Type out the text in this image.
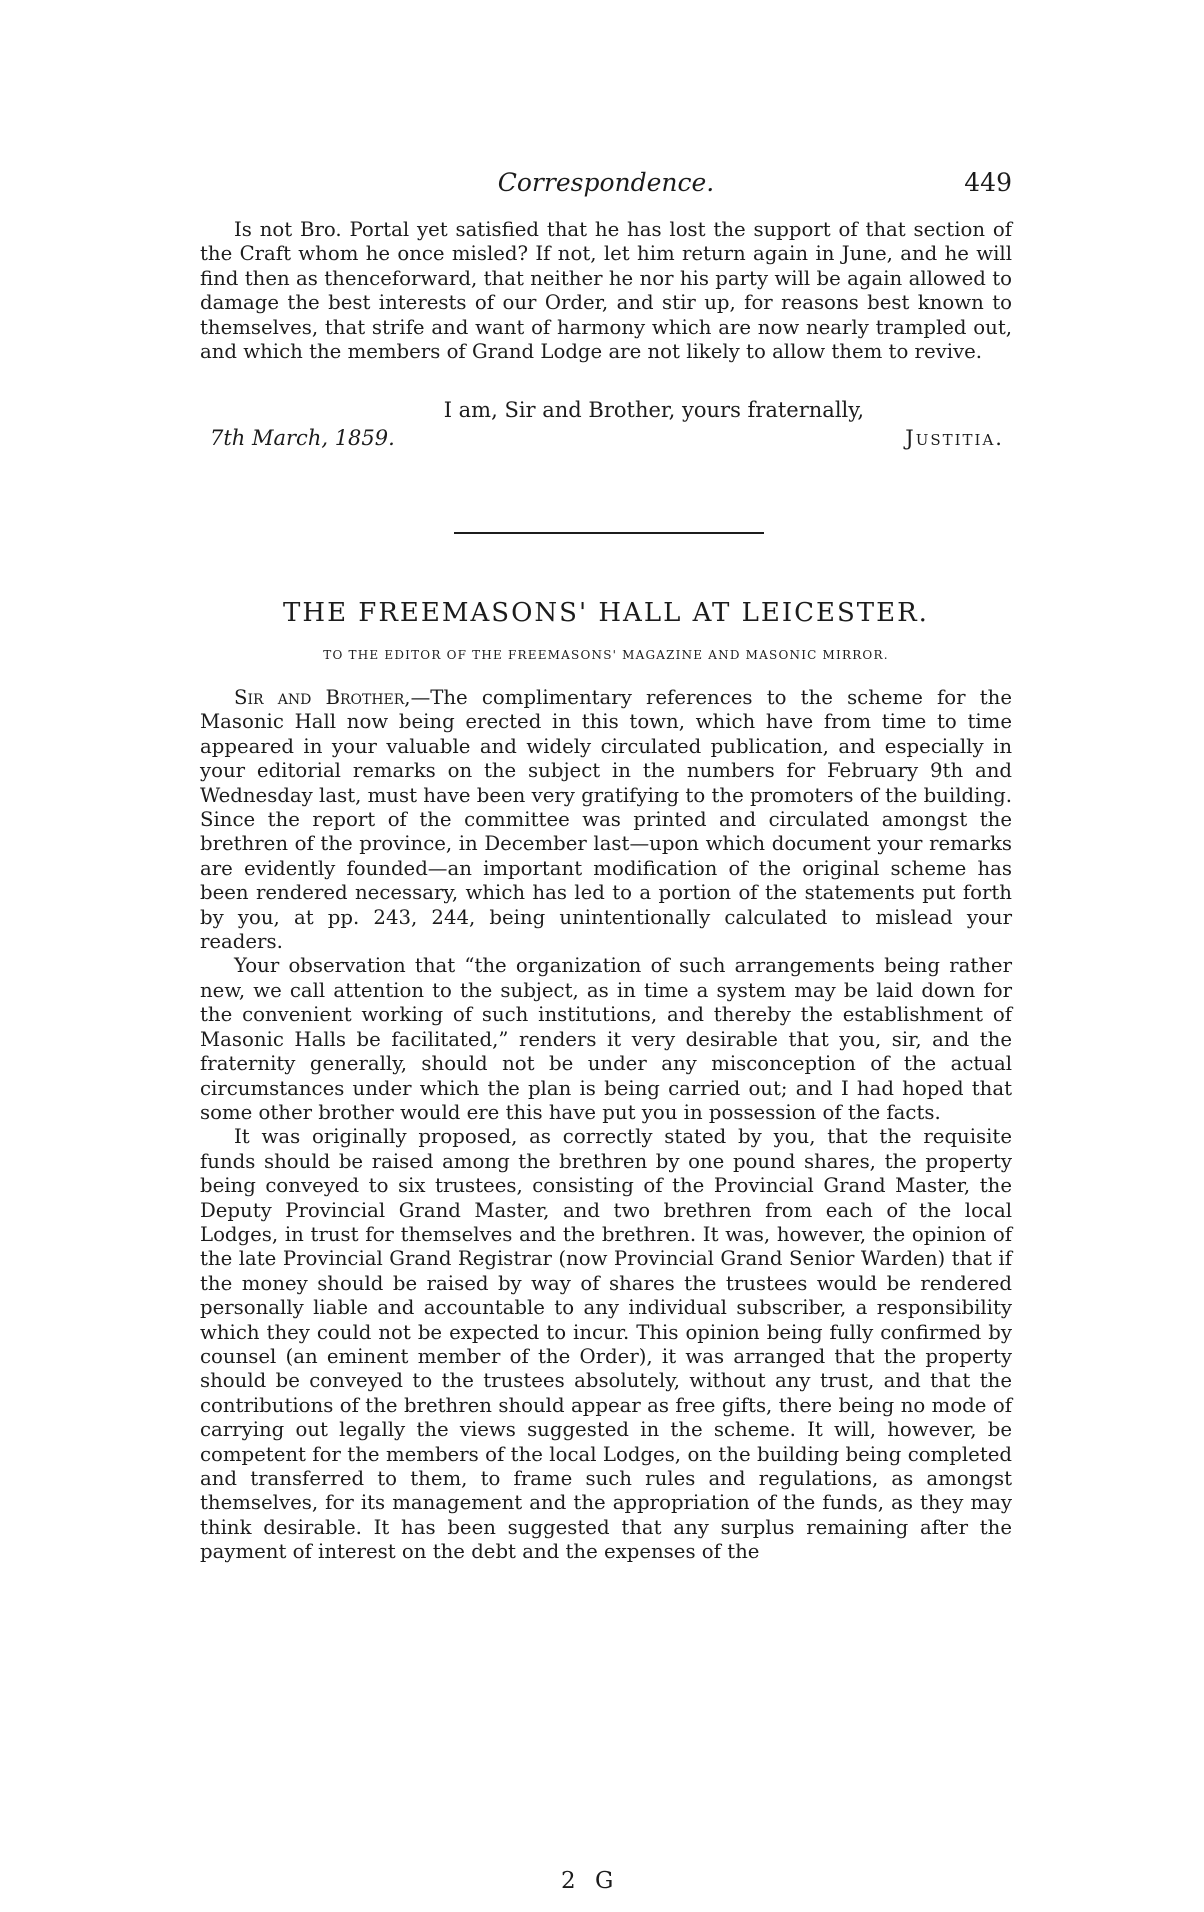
Correspondence.	449

Is not Bro. Portal yet satisfied that he has lost the support of that section of the Craft whom he once misled? If not, let him return again in June, and he will find then as thenceforward, that neither he nor his party will be again allowed to damage the best interests of our Order, and stir up, for reasons best known to themselves, that strife and want of harmony which are now nearly trampled out, and which the members of Grand Lodge are not likely to allow them to revive.

I am, Sir and Brother, yours fraternally,
7th March, 1859.	Justitia.
THE FREEMASONS' HALL AT LEICESTER.
TO THE EDITOR OF THE FREEMASONS' MAGAZINE AND MASONIC MIRROR.

Sir and Brother,—The complimentary references to the scheme for the Masonic Hall now being erected in this town, which have from time to time appeared in your valuable and widely circulated publication, and especially in your editorial remarks on the subject in the numbers for February 9th and Wednesday last, must have been very gratifying to the promoters of the building. Since the report of the committee was printed and circulated amongst the brethren of the province, in December last—upon which document your remarks are evidently founded—an important modification of the original scheme has been rendered necessary, which has led to a portion of the statements put forth by you, at pp. 243, 244, being unintentionally calculated to mislead your readers.

Your observation that “the organization of such arrangements being rather new, we call attention to the subject, as in time a system may be laid down for the convenient working of such institutions, and thereby the establishment of Masonic Halls be facilitated,” renders it very desirable that you, sir, and the fraternity generally, should not be under any misconception of the actual circumstances under which the plan is being carried out; and I had hoped that some other brother would ere this have put you in possession of the facts.

It was originally proposed, as correctly stated by you, that the requisite funds should be raised among the brethren by one pound shares, the property being conveyed to six trustees, consisting of the Provincial Grand Master, the Deputy Provincial Grand Master, and two brethren from each of the local Lodges, in trust for themselves and the brethren. It was, however, the opinion of the late Provincial Grand Registrar (now Provincial Grand Senior Warden) that if the money should be raised by way of shares the trustees would be rendered personally liable and accountable to any individual subscriber, a responsibility which they could not be expected to incur. This opinion being fully confirmed by counsel (an eminent member of the Order), it was arranged that the property should be conveyed to the trustees absolutely, without any trust, and that the contributions of the brethren should appear as free gifts, there being no mode of carrying out legally the views suggested in the scheme. It will, however, be competent for the members of the local Lodges, on the building being completed and transferred to them, to frame such rules and regulations, as amongst themselves, for its management and the appropriation of the funds, as they may think desirable. It has been suggested that any surplus remaining after the payment of interest on the debt and the expenses of the

2 G
